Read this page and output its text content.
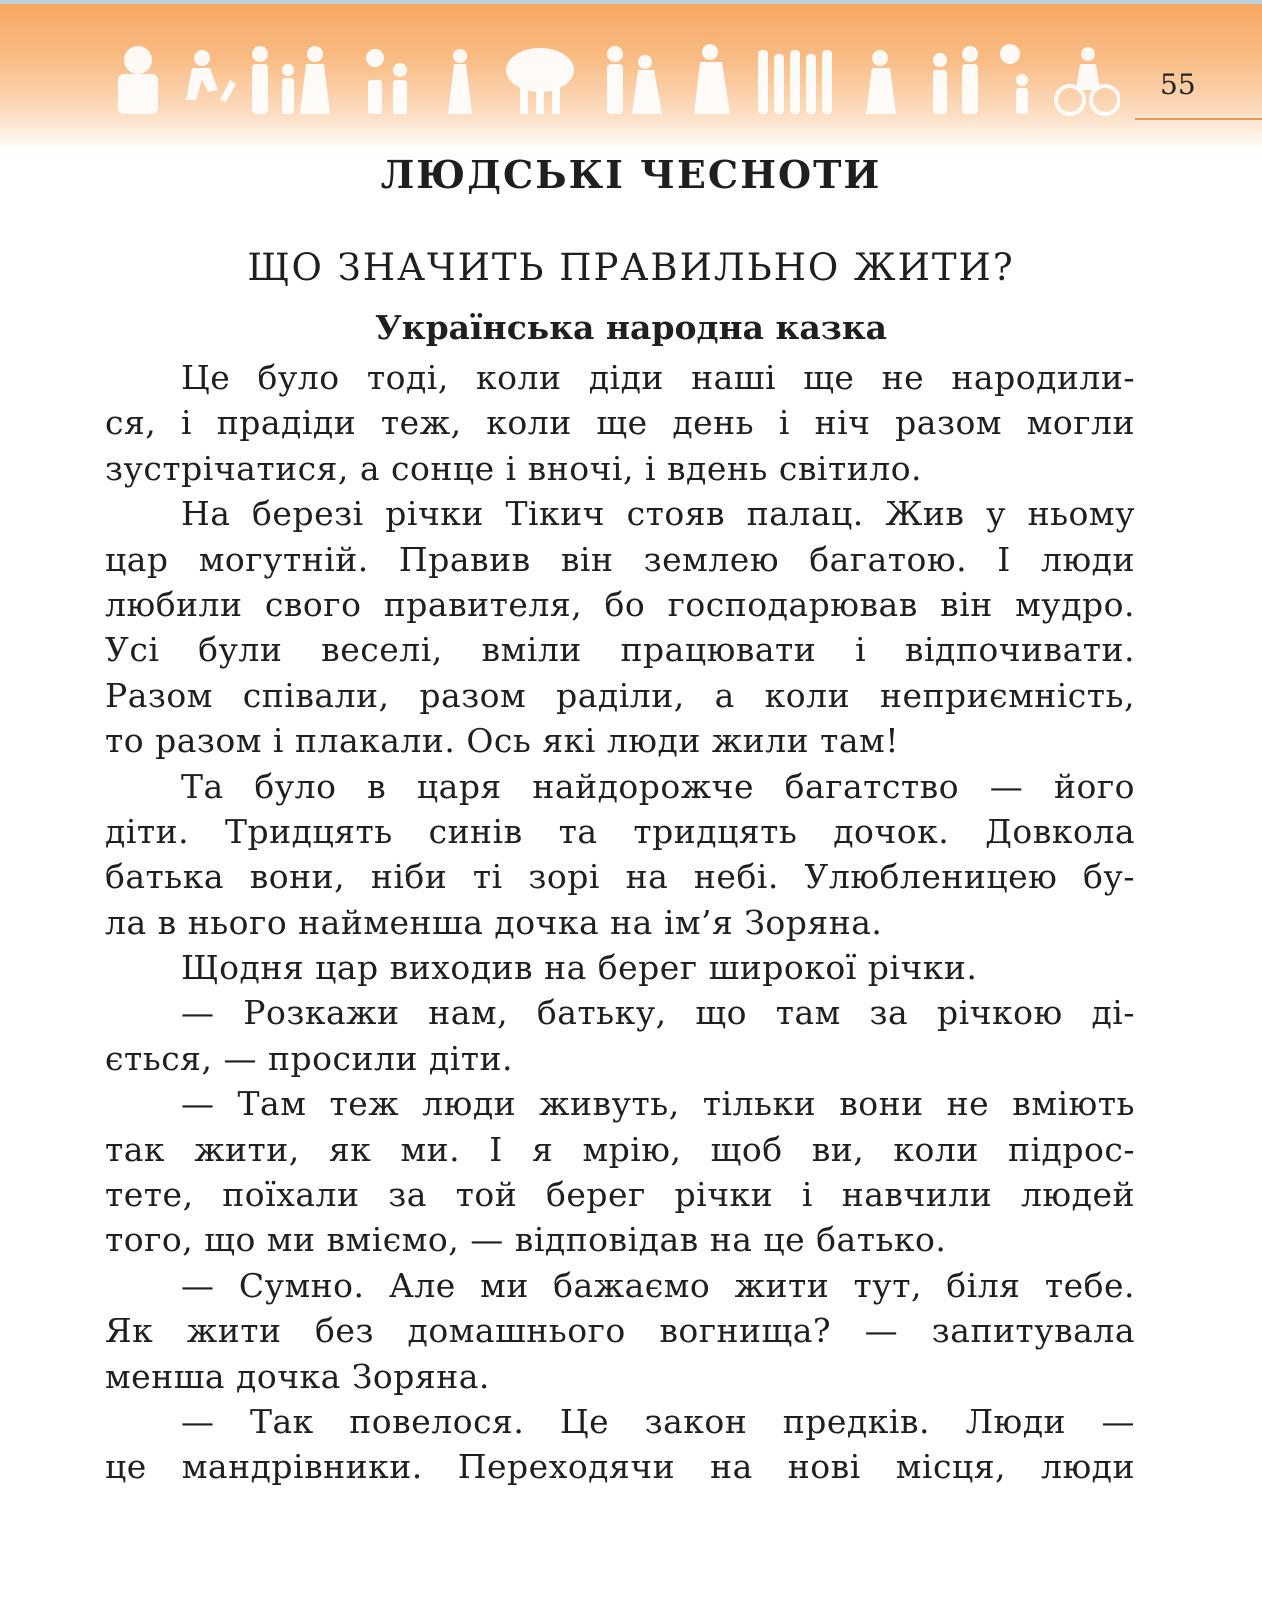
55
ЛЮДСЬКІ ЧЕСНОТИ
ЩО ЗНАЧИТЬ ПРАВИЛЬНО ЖИТИ?
Українська народна казка
Це було тоді, коли діди наші ще не народили-
ся, і прадіди теж, коли ще день і ніч разом могли
зустрічатися, а сонце і вночі, і вдень світило.
На березі річки Тікич стояв палац. Жив у ньому
цар могутній. Правив він землею багатою. І люди
любили свого правителя, бо господарював він мудро.
Усі були веселі, вміли працювати і відпочивати.
Разом співали, разом раділи, а коли неприємність,
то разом і плакали. Ось які люди жили там!
Та було в царя найдорожче багатство — його
діти. Тридцять синів та тридцять дочок. Довкола
батька вони, ніби ті зорі на небі. Улюбленицею бу-
ла в нього найменша дочка на ім’я Зоряна.
Щодня цар виходив на берег широкої річки.
— Розкажи нам, батьку, що там за річкою ді-
ється, — просили діти.
— Там теж люди живуть, тільки вони не вміють
так жити, як ми. І я мрію, щоб ви, коли підрос-
тете, поїхали за той берег річки і навчили людей
того, що ми вміємо, — відповідав на це батько.
— Сумно. Але ми бажаємо жити тут, біля тебе.
Як жити без домашнього вогнища? — запитувала
менша дочка Зоряна.
— Так повелося. Це закон предків. Люди —
це мандрівники. Переходячи на нові місця, люди
